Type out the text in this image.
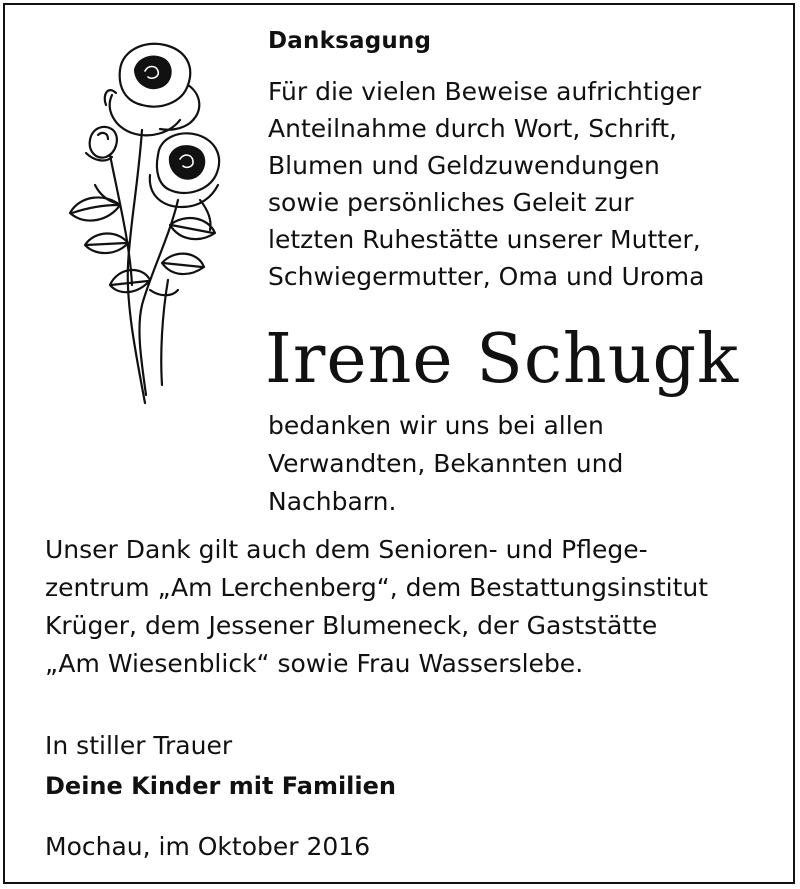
Danksagung
Für die vielen Beweise aufrichtiger
Anteilnahme durch Wort, Schrift,
Blumen und Geldzuwendungen
sowie persönliches Geleit zur
letzten Ruhestätte unserer Mutter,
Schwiegermutter, Oma und Uroma
Irene Schugk
bedanken wir uns bei allen
Verwandten, Bekannten und
Nachbarn.
Unser Dank gilt auch dem Senioren- und Pflege-
zentrum „Am Lerchenberg“, dem Bestattungsinstitut
Krüger, dem Jessener Blumeneck, der Gaststätte
„Am Wiesenblick“ sowie Frau Wasserslebe.
In stiller Trauer
Deine Kinder mit Familien
Mochau, im Oktober 2016
